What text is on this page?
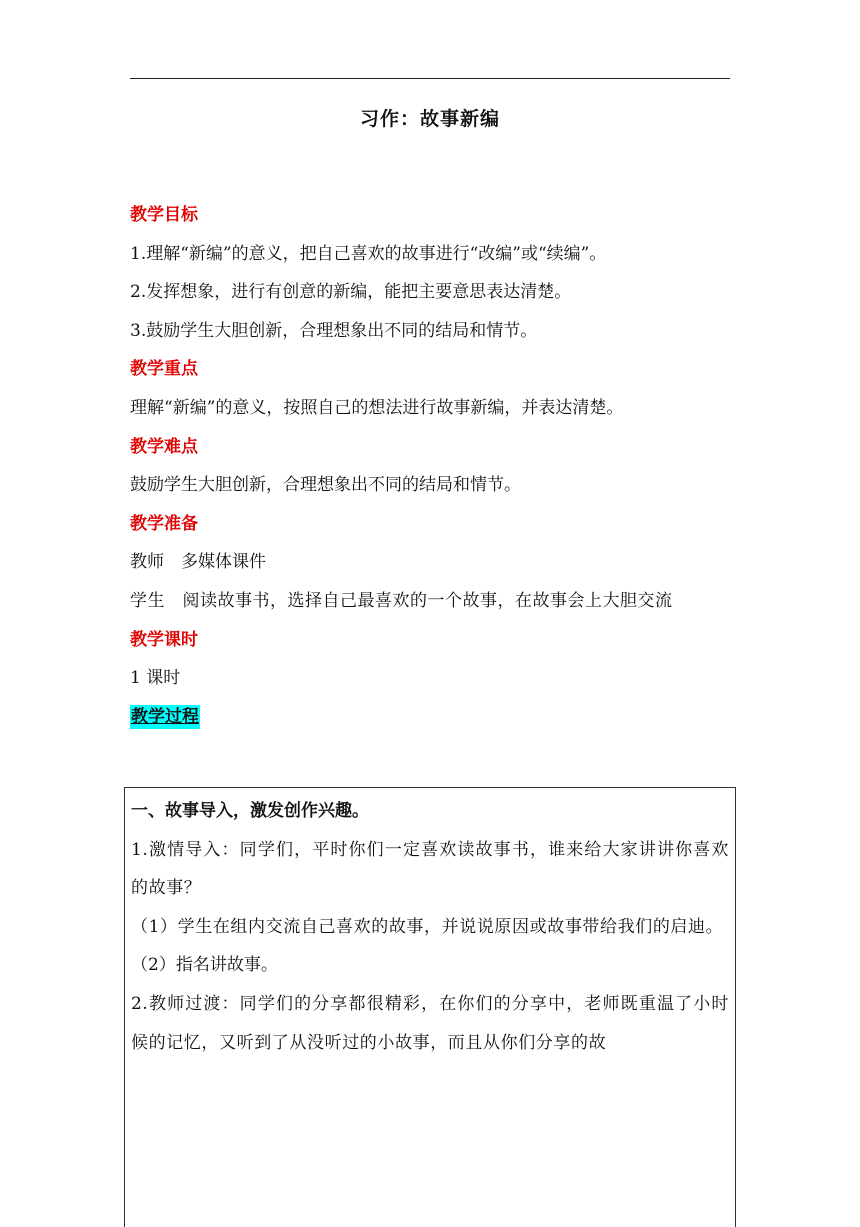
习作：故事新编
教学目标
1.理解“新编”的意义，把自己喜欢的故事进行“改编”或“续编”。
2.发挥想象，进行有创意的新编，能把主要意思表达清楚。
3.鼓励学生大胆创新，合理想象出不同的结局和情节。
教学重点
理解“新编”的意义，按照自己的想法进行故事新编，并表达清楚。
教学难点
鼓励学生大胆创新，合理想象出不同的结局和情节。
教学准备
教师　多媒体课件
学生　阅读故事书，选择自己最喜欢的一个故事，在故事会上大胆交流
教学课时
1 课时
教学过程
一、故事导入，激发创作兴趣。
1.激情导入：同学们，平时你们一定喜欢读故事书，谁来给大家讲讲你喜欢的故事？
（1）学生在组内交流自己喜欢的故事，并说说原因或故事带给我们的启迪。
（2）指名讲故事。
2.教师过渡：同学们的分享都很精彩，在你们的分享中，老师既重温了小时候的记忆，又听到了从没听过的小故事，而且从你们分享的故
